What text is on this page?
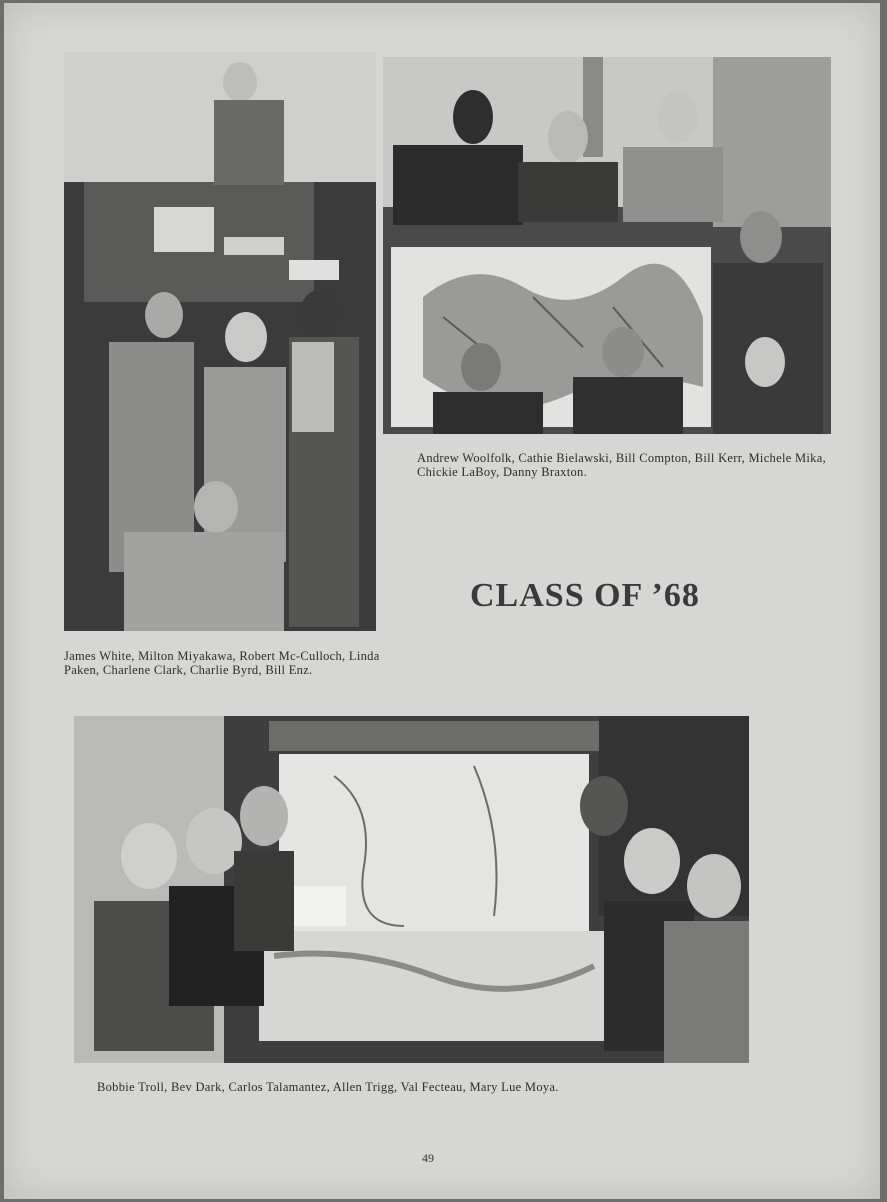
Andrew Woolfolk, Cathie Bielawski, Bill Compton, Bill Kerr, Michele Mika, Chickie LaBoy, Danny Braxton.

CLASS OF ’68

James White, Milton Miyakawa, Robert Mc-Culloch, Linda Paken, Charlene Clark, Charlie Byrd, Bill Enz.

Bobbie Troll, Bev Dark, Carlos Talamantez, Allen Trigg, Val Fecteau, Mary Lue Moya.

49
